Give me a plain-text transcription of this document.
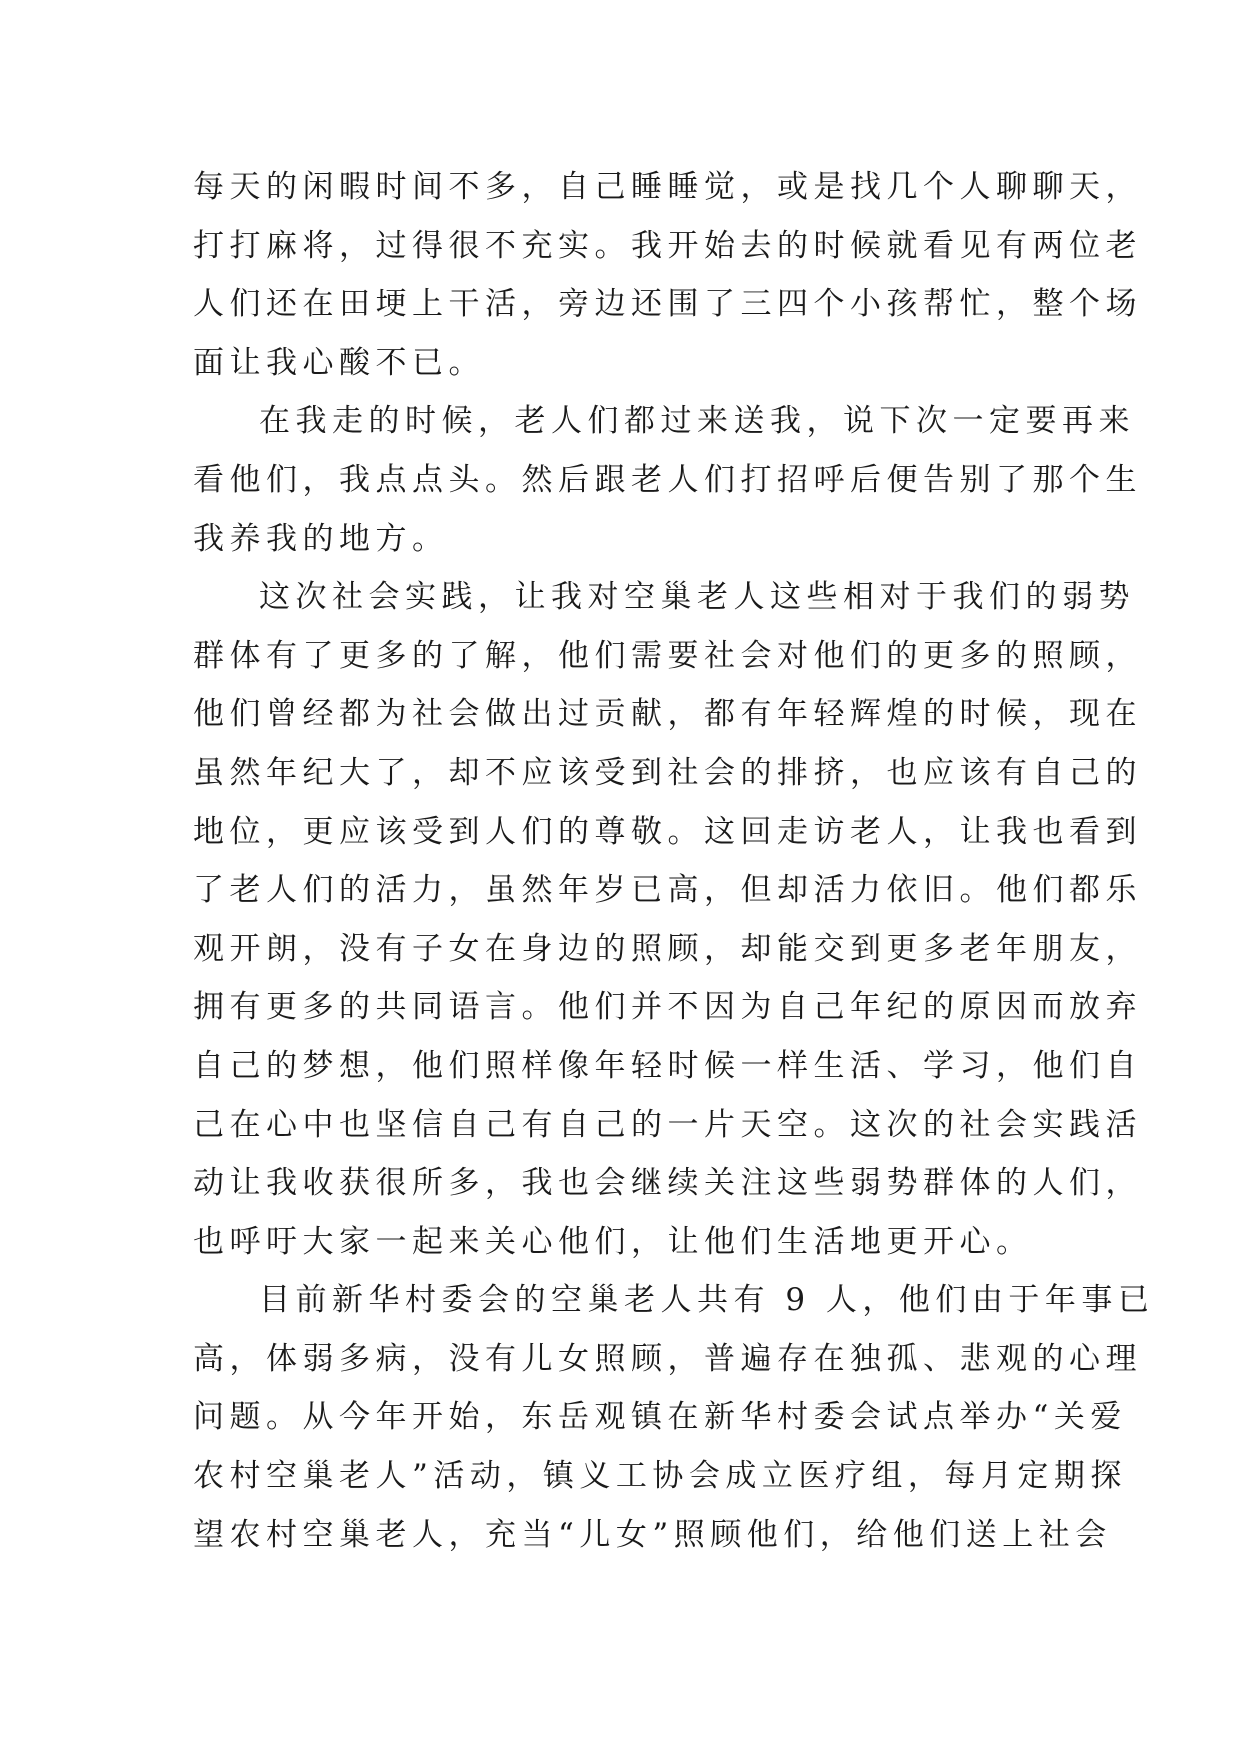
每天的闲暇时间不多，自己睡睡觉，或是找几个人聊聊天，
打打麻将，过得很不充实。我开始去的时候就看见有两位老
人们还在田埂上干活，旁边还围了三四个小孩帮忙，整个场
面让我心酸不已。
在我走的时候，老人们都过来送我，说下次一定要再来
看他们，我点点头。然后跟老人们打招呼后便告别了那个生
我养我的地方。
这次社会实践，让我对空巢老人这些相对于我们的弱势
群体有了更多的了解，他们需要社会对他们的更多的照顾，
他们曾经都为社会做出过贡献，都有年轻辉煌的时候，现在
虽然年纪大了，却不应该受到社会的排挤，也应该有自己的
地位，更应该受到人们的尊敬。这回走访老人，让我也看到
了老人们的活力，虽然年岁已高，但却活力依旧。他们都乐
观开朗，没有子女在身边的照顾，却能交到更多老年朋友，
拥有更多的共同语言。他们并不因为自己年纪的原因而放弃
自己的梦想，他们照样像年轻时候一样生活、学习，他们自
己在心中也坚信自己有自己的一片天空。这次的社会实践活
动让我收获很所多，我也会继续关注这些弱势群体的人们，
也呼吁大家一起来关心他们，让他们生活地更开心。
目前新华村委会的空巢老人共有 9 人，他们由于年事已
高，体弱多病，没有儿女照顾，普遍存在独孤、悲观的心理
问题。从今年开始，东岳观镇在新华村委会试点举办“关爱
农村空巢老人”活动，镇义工协会成立医疗组，每月定期探
望农村空巢老人，充当“儿女”照顾他们，给他们送上社会
